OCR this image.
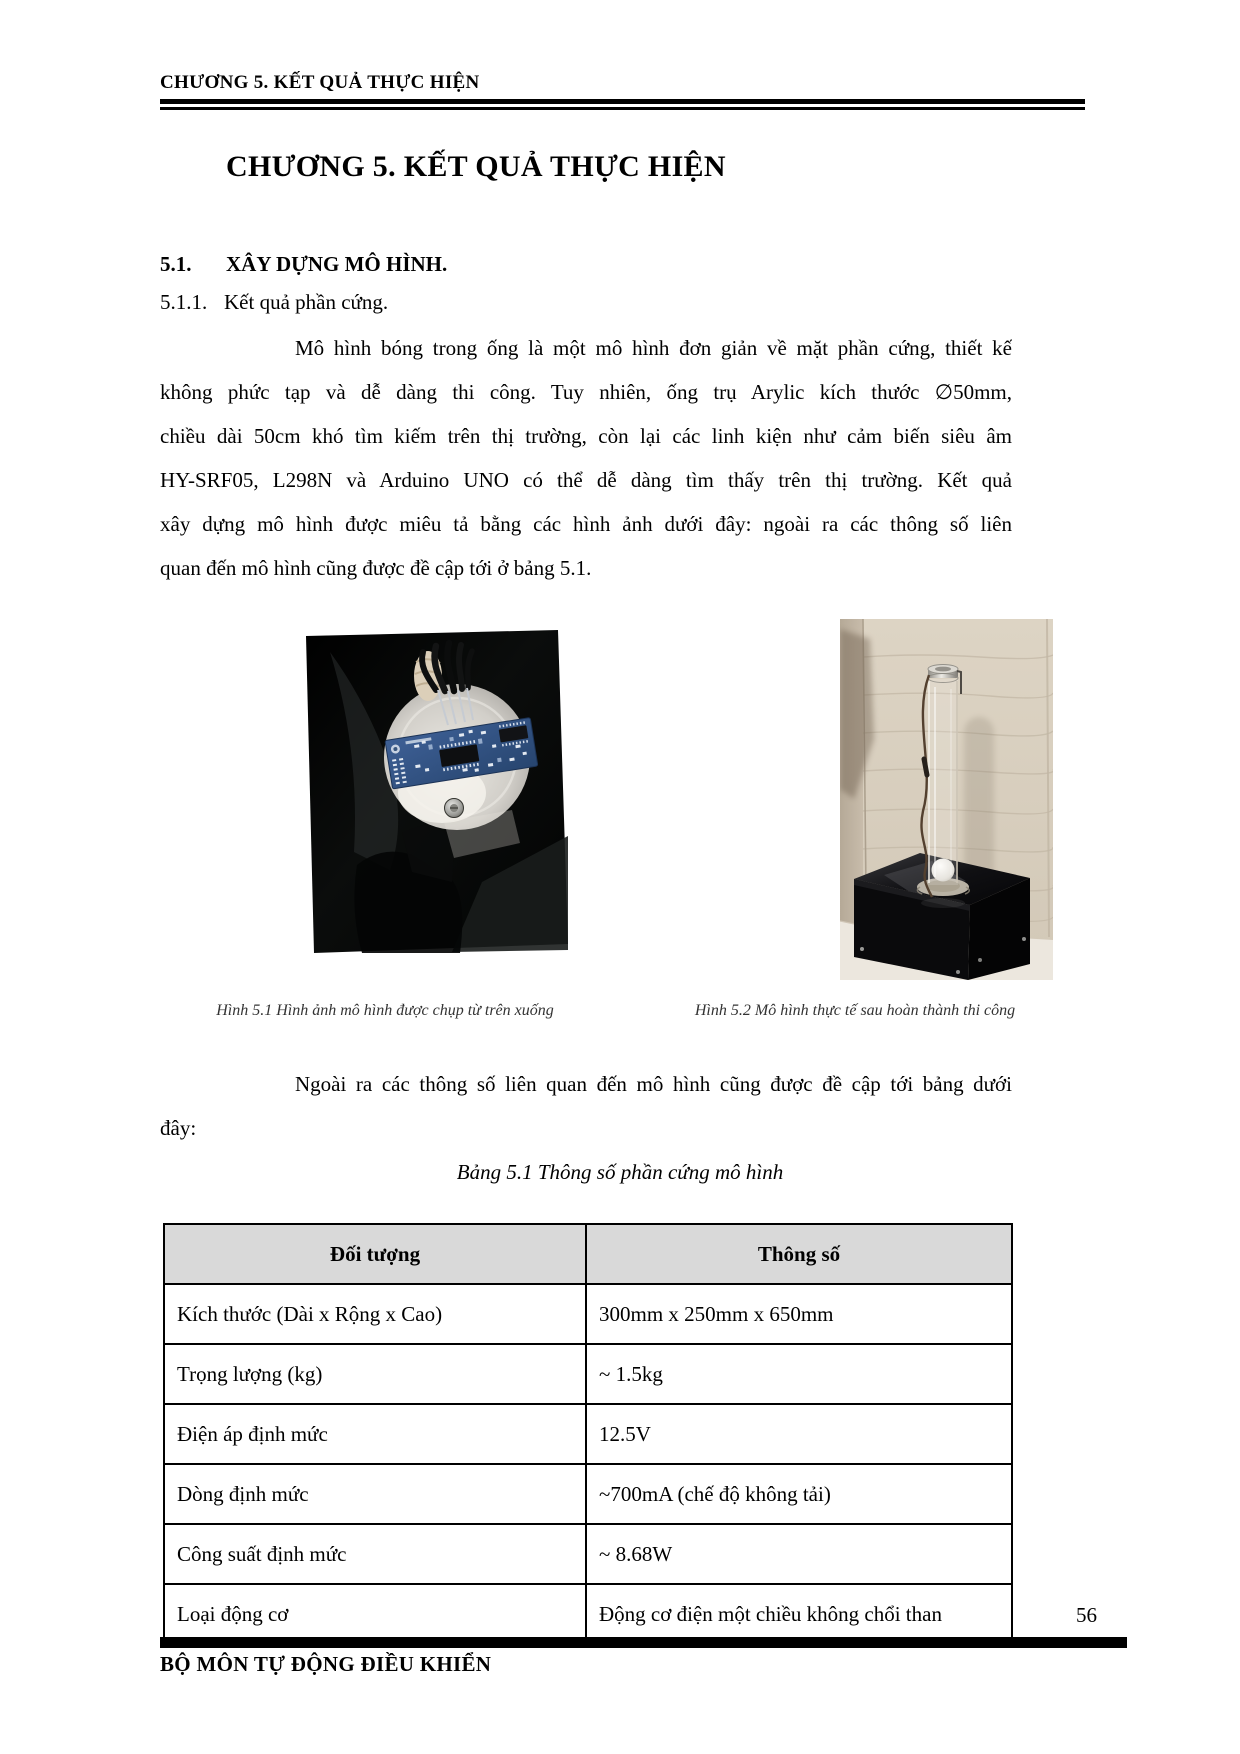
CHƯƠNG 5. KẾT QUẢ THỰC HIỆN
CHƯƠNG 5. KẾT QUẢ THỰC HIỆN
5.1.	XÂY DỰNG MÔ HÌNH.
5.1.1. Kết quả phần cứng.
Mô hình bóng trong ống là một mô hình đơn giản về mặt phần cứng, thiết kế
không phức tạp và dễ dàng thi công. Tuy nhiên, ống trụ Arylic kích thước ∅50mm,
chiều dài 50cm khó tìm kiếm trên thị trường, còn lại các linh kiện như cảm biến siêu âm
HY-SRF05, L298N và Arduino UNO có thể dễ dàng tìm thấy trên thị trường. Kết quả
xây dựng mô hình được miêu tả bằng các hình ảnh dưới đây: ngoài ra các thông số liên
quan đến mô hình cũng được đề cập tới ở bảng 5.1.
Hình 5.1 Hình ảnh mô hình được chụp từ trên xuống	Hình 5.2 Mô hình thực tế sau hoàn thành thi công
Ngoài ra các thông số liên quan đến mô hình cũng được đề cập tới bảng dưới
đây:
Bảng 5.1 Thông số phần cứng mô hình
Đối tượng	Thông số
Kích thước (Dài x Rộng x Cao)	300mm x 250mm x 650mm
Trọng lượng (kg)	~ 1.5kg
Điện áp định mức	12.5V
Dòng định mức	~700mA (chế độ không tải)
Công suất định mức	~ 8.68W
Loại động cơ	Động cơ điện một chiều không chổi than	56
BỘ MÔN TỰ ĐỘNG ĐIỀU KHIỂN
